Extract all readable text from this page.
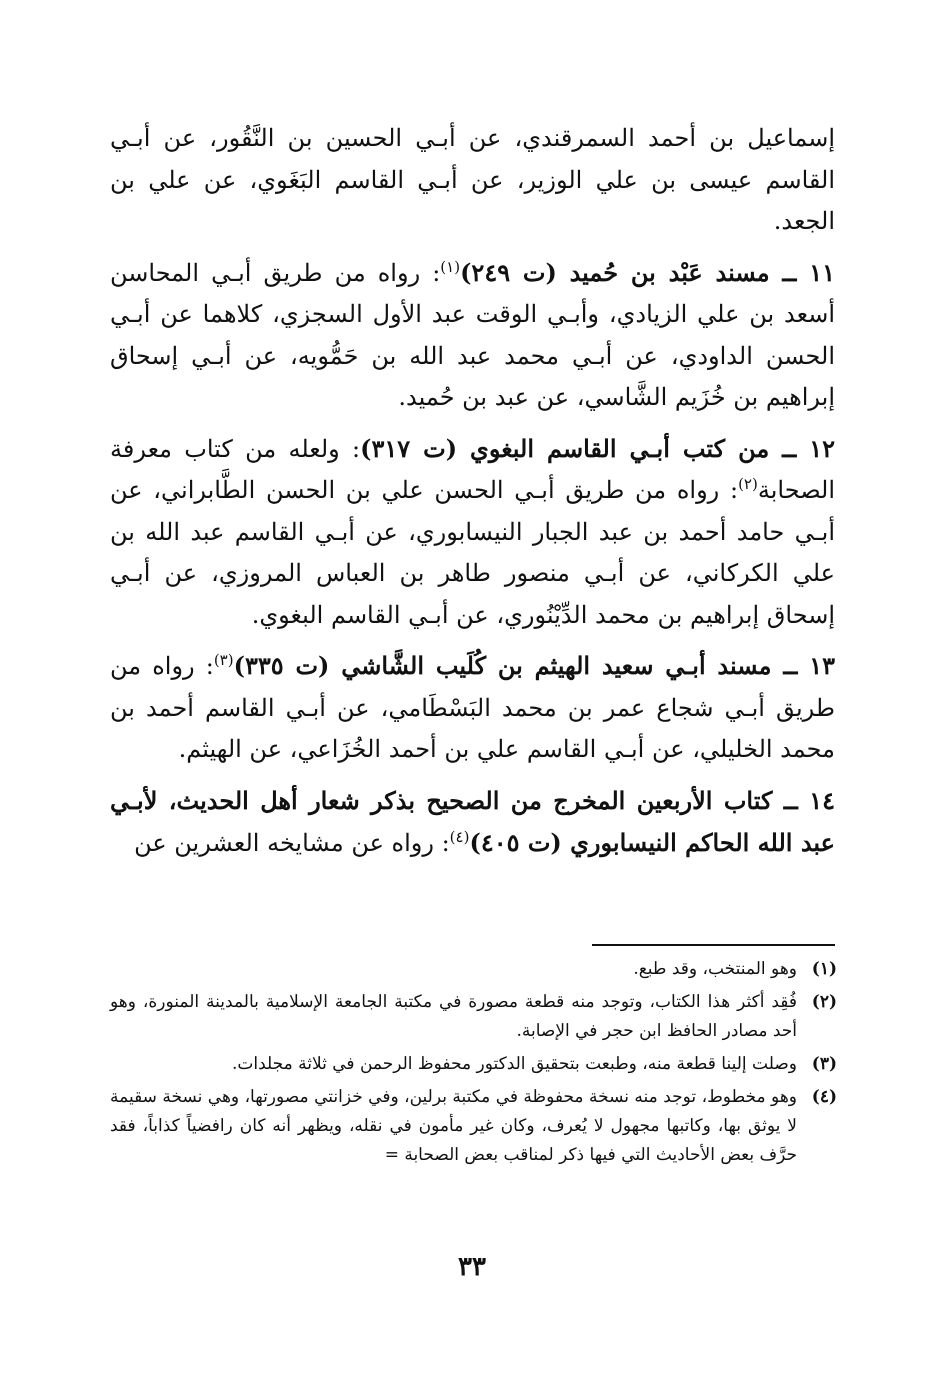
إسماعيل بن أحمد السمرقندي، عن أبـي الحسين بن النَّقُور، عن أبـي القاسم عيسى بن علي الوزير، عن أبـي القاسم البَغَوي، عن علي بن الجعد.

١١ ــ مسند عَبْد بن حُميد (ت ٢٤٩)$^{(١)}$: رواه من طريق أبـي المحاسن أسعد بن علي الزيادي، وأبـي الوقت عبد الأول السجزي، كلاهما عن أبـي الحسن الداودي، عن أبـي محمد عبد الله بن حَمُّويه، عن أبـي إسحاق إبراهيم بن خُزَيم الشَّاسي، عن عبد بن حُميد.

١٢ ــ من كتب أبـي القاسم البغوي (ت ٣١٧): ولعله من كتاب معرفة الصحابة$^{(٢)}$: رواه من طريق أبـي الحسن علي بن الحسن الطَّابراني، عن أبـي حامد أحمد بن عبد الجبار النيسابوري، عن أبـي القاسم عبد الله بن علي الكركاني، عن أبـي منصور طاهر بن العباس المروزي، عن أبـي إسحاق إبراهيم بن محمد الدِّيْنُوري، عن أبـي القاسم البغوي.

١٣ ــ مسند أبـي سعيد الهيثم بن كُلَيب الشَّاشي (ت ٣٣٥)$^{(٣)}$: رواه من طريق أبـي شجاع عمر بن محمد البَسْطَامي، عن أبـي القاسم أحمد بن محمد الخليلي، عن أبـي القاسم علي بن أحمد الخُزَاعي، عن الهيثم.

١٤ ــ كتاب الأربعين المخرج من الصحيح بذكر شعار أهل الحديث، لأبـي عبد الله الحاكم النيسابوري (ت ٤٠٥)$^{(٤)}$: رواه عن مشايخه العشرين عن

(١)
وهو المنتخب، وقد طبع.
(٢)
فُقِد أكثر هذا الكتاب، وتوجد منه قطعة مصورة في مكتبة الجامعة الإسلامية بالمدينة المنورة، وهو أحد مصادر الحافظ ابن حجر في الإصابة.
(٣)
وصلت إلينا قطعة منه، وطبعت بتحقيق الدكتور محفوظ الرحمن في ثلاثة مجلدات.
(٤)
وهو مخطوط، توجد منه نسخة محفوظة في مكتبة برلين، وفي خزانتي مصورتها، وهي نسخة سقيمة لا يوثق بها، وكاتبها مجهول لا يُعرف، وكان غير مأمون في نقله، ويظهر أنه كان رافضياً كذاباً، فقد حرَّف بعض الأحاديث التي فيها ذكر لمناقب بعض الصحابة =
٣٣
